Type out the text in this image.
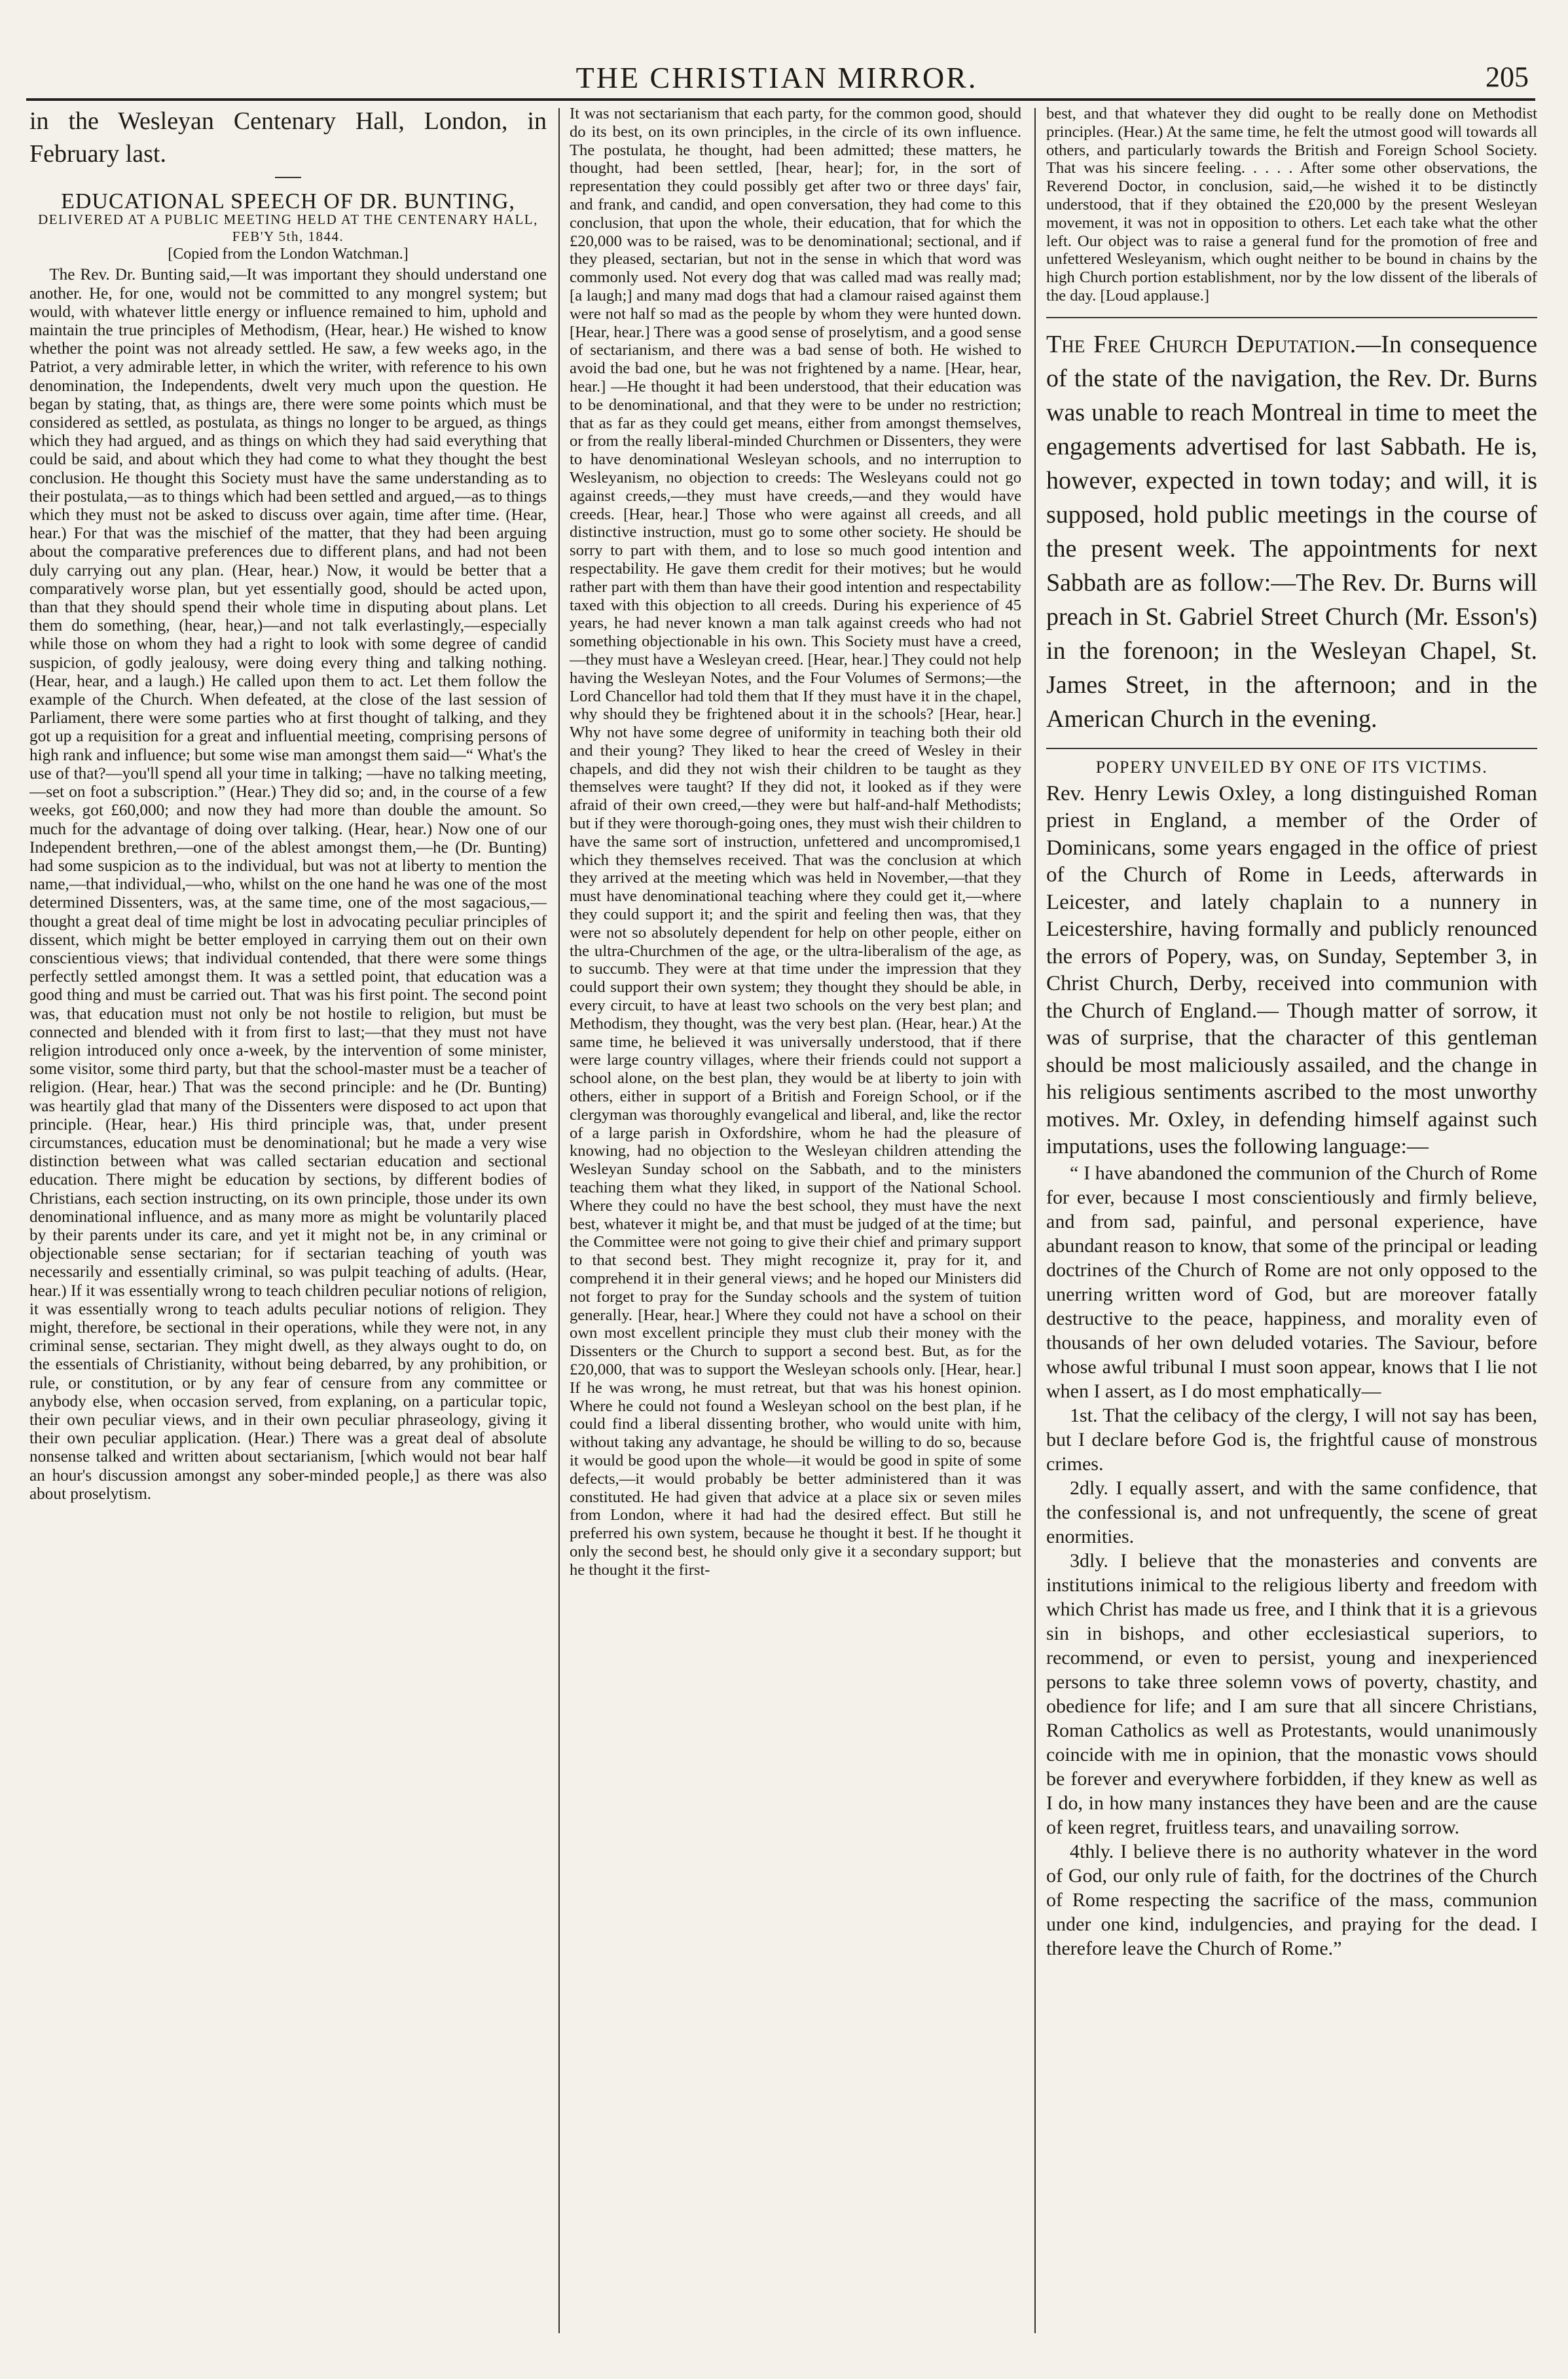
THE CHRISTIAN MIRROR.	205

in the Wesleyan Centenary Hall, London, in February last.

EDUCATIONAL SPEECH OF DR. BUNTING,

DELIVERED AT A PUBLIC MEETING HELD AT THE CENTENARY HALL, FEB'Y 5th, 1844.

[Copied from the London Watchman.]

The Rev. Dr. Bunting said,—It was important they should understand one another. He, for one, would not be committed to any mongrel system; but would, with whatever little energy or influence remained to him, uphold and maintain the true principles of Methodism, (Hear, hear.) He wished to know whether the point was not already settled. He saw, a few weeks ago, in the Patriot, a very admirable letter, in which the writer, with reference to his own denomination, the Independents, dwelt very much upon the question. He began by stating, that, as things are, there were some points which must be considered as settled, as postulata, as things no longer to be argued, as things which they had argued, and as things on which they had said everything that could be said, and about which they had come to what they thought the best conclusion. He thought this Society must have the same understanding as to their postulata,—as to things which had been settled and argued,—as to things which they must not be asked to discuss over again, time after time. (Hear, hear.) For that was the mischief of the matter, that they had been arguing about the comparative preferences due to different plans, and had not been duly carrying out any plan. (Hear, hear.) Now, it would be better that a comparatively worse plan, but yet essentially good, should be acted upon, than that they should spend their whole time in disputing about plans. Let them do something, (hear, hear,)—and not talk everlastingly,—especially while those on whom they had a right to look with some degree of candid suspicion, of godly jealousy, were doing every thing and talking nothing. (Hear, hear, and a laugh.) He called upon them to act. Let them follow the example of the Church. When defeated, at the close of the last session of Parliament, there were some parties who at first thought of talking, and they got up a requisition for a great and influential meeting, comprising persons of high rank and influence; but some wise man amongst them said—“ What's the use of that?—you'll spend all your time in talking; —have no talking meeting,—set on foot a subscription.” (Hear.) They did so; and, in the course of a few weeks, got £60,000; and now they had more than double the amount. So much for the advantage of doing over talking. (Hear, hear.) Now one of our Independent brethren,—one of the ablest amongst them,—he (Dr. Bunting) had some suspicion as to the individual, but was not at liberty to mention the name,—that individual,—who, whilst on the one hand he was one of the most determined Dissenters, was, at the same time, one of the most sagacious,—thought a great deal of time might be lost in advocating peculiar principles of dissent, which might be better employed in carrying them out on their own conscientious views; that individual contended, that there were some things perfectly settled amongst them. It was a settled point, that education was a good thing and must be carried out. That was his first point. The second point was, that education must not only be not hostile to religion, but must be connected and blended with it from first to last;—that they must not have religion introduced only once a-week, by the intervention of some minister, some visitor, some third party, but that the school-master must be a teacher of religion. (Hear, hear.) That was the second principle: and he (Dr. Bunting) was heartily glad that many of the Dissenters were disposed to act upon that principle. (Hear, hear.) His third principle was, that, under present circumstances, education must be denominational; but he made a very wise distinction between what was called sectarian education and sectional education. There might be education by sections, by different bodies of Christians, each section instructing, on its own principle, those under its own denominational influence, and as many more as might be voluntarily placed by their parents under its care, and yet it might not be, in any criminal or objectionable sense sectarian; for if sectarian teaching of youth was necessarily and essentially criminal, so was pulpit teaching of adults. (Hear, hear.) If it was essentially wrong to teach children peculiar notions of religion, it was essentially wrong to teach adults peculiar notions of religion. They might, therefore, be sectional in their operations, while they were not, in any criminal sense, sectarian. They might dwell, as they always ought to do, on the essentials of Christianity, without being debarred, by any prohibition, or rule, or constitution, or by any fear of censure from any committee or anybody else, when occasion served, from explaning, on a particular topic, their own peculiar views, and in their own peculiar phraseology, giving it their own peculiar application. (Hear.) There was a great deal of absolute nonsense talked and written about sectarianism, [which would not bear half an hour's discussion amongst any sober-minded people,] as there was also about proselytism.

It was not sectarianism that each party, for the common good, should do its best, on its own principles, in the circle of its own influence. The postulata, he thought, had been admitted; these matters, he thought, had been settled, [hear, hear]; for, in the sort of representation they could possibly get after two or three days' fair, and frank, and candid, and open conversation, they had come to this conclusion, that upon the whole, their education, that for which the £20,000 was to be raised, was to be denominational; sectional, and if they pleased, sectarian, but not in the sense in which that word was commonly used. Not every dog that was called mad was really mad; [a laugh;] and many mad dogs that had a clamour raised against them were not half so mad as the people by whom they were hunted down. [Hear, hear.] There was a good sense of proselytism, and a good sense of sectarianism, and there was a bad sense of both. He wished to avoid the bad one, but he was not frightened by a name. [Hear, hear, hear.] —He thought it had been understood, that their education was to be denominational, and that they were to be under no restriction; that as far as they could get means, either from amongst themselves, or from the really liberal-minded Churchmen or Dissenters, they were to have denominational Wesleyan schools, and no interruption to Wesleyanism, no objection to creeds: The Wesleyans could not go against creeds,—they must have creeds,—and they would have creeds. [Hear, hear.] Those who were against all creeds, and all distinctive instruction, must go to some other society. He should be sorry to part with them, and to lose so much good intention and respectability. He gave them credit for their motives; but he would rather part with them than have their good intention and respectability taxed with this objection to all creeds. During his experience of 45 years, he had never known a man talk against creeds who had not something objectionable in his own. This Society must have a creed,—they must have a Wesleyan creed. [Hear, hear.] They could not help having the Wesleyan Notes, and the Four Volumes of Sermons;—the Lord Chancellor had told them that If they must have it in the chapel, why should they be frightened about it in the schools? [Hear, hear.] Why not have some degree of uniformity in teaching both their old and their young? They liked to hear the creed of Wesley in their chapels, and did they not wish their children to be taught as they themselves were taught? If they did not, it looked as if they were afraid of their own creed,—they were but half-and-half Methodists; but if they were thorough-going ones, they must wish their children to have the same sort of instruction, unfettered and uncompromised,1 which they themselves received. That was the conclusion at which they arrived at the meeting which was held in November,—that they must have denominational teaching where they could get it,—where they could support it; and the spirit and feeling then was, that they were not so absolutely dependent for help on other people, either on the ultra-Churchmen of the age, or the ultra-liberalism of the age, as to succumb. They were at that time under the impression that they could support their own system; they thought they should be able, in every circuit, to have at least two schools on the very best plan; and Methodism, they thought, was the very best plan. (Hear, hear.) At the same time, he believed it was universally understood, that if there were large country villages, where their friends could not support a school alone, on the best plan, they would be at liberty to join with others, either in support of a British and Foreign School, or if the clergyman was thoroughly evangelical and liberal, and, like the rector of a large parish in Oxfordshire, whom he had the pleasure of knowing, had no objection to the Wesleyan children attending the Wesleyan Sunday school on the Sabbath, and to the ministers teaching them what they liked, in support of the National School. Where they could no have the best school, they must have the next best, whatever it might be, and that must be judged of at the time; but the Committee were not going to give their chief and primary support to that second best. They might recognize it, pray for it, and comprehend it in their general views; and he hoped our Ministers did not forget to pray for the Sunday schools and the system of tuition generally. [Hear, hear.] Where they could not have a school on their own most excellent principle they must club their money with the Dissenters or the Church to support a second best. But, as for the £20,000, that was to support the Wesleyan schools only. [Hear, hear.] If he was wrong, he must retreat, but that was his honest opinion. Where he could not found a Wesleyan school on the best plan, if he could find a liberal dissenting brother, who would unite with him, without taking any advantage, he should be willing to do so, because it would be good upon the whole—it would be good in spite of some defects,—it would probably be better administered than it was constituted. He had given that advice at a place six or seven miles from London, where it had had the desired effect. But still he preferred his own system, because he thought it best. If he thought it only the second best, he should only give it a secondary support; but he thought it the first-

best, and that whatever they did ought to be really done on Methodist principles. (Hear.) At the same time, he felt the utmost good will towards all others, and particularly towards the British and Foreign School Society. That was his sincere feeling. . . . . After some other observations, the Reverend Doctor, in conclusion, said,—he wished it to be distinctly understood, that if they obtained the £20,000 by the present Wesleyan movement, it was not in opposition to others. Let each take what the other left. Our object was to raise a general fund for the promotion of free and unfettered Wesleyanism, which ought neither to be bound in chains by the high Church portion establishment, nor by the low dissent of the liberals of the day. [Loud applause.]

The Free Church Deputation.—In consequence of the state of the navigation, the Rev. Dr. Burns was unable to reach Montreal in time to meet the engagements advertised for last Sabbath. He is, however, expected in town today; and will, it is supposed, hold public meetings in the course of the present week. The appointments for next Sabbath are as follow:—The Rev. Dr. Burns will preach in St. Gabriel Street Church (Mr. Esson's) in the forenoon; in the Wesleyan Chapel, St. James Street, in the afternoon; and in the American Church in the evening.

POPERY UNVEILED BY ONE OF ITS VICTIMS.

Rev. Henry Lewis Oxley, a long distinguished Roman priest in England, a member of the Order of Dominicans, some years engaged in the office of priest of the Church of Rome in Leeds, afterwards in Leicester, and lately chaplain to a nunnery in Leicestershire, having formally and publicly renounced the errors of Popery, was, on Sunday, September 3, in Christ Church, Derby, received into communion with the Church of England.— Though matter of sorrow, it was of surprise, that the character of this gentleman should be most maliciously assailed, and the change in his religious sentiments ascribed to the most unworthy motives. Mr. Oxley, in defending himself against such imputations, uses the following language:—

“ I have abandoned the communion of the Church of Rome for ever, because I most conscientiously and firmly believe, and from sad, painful, and personal experience, have abundant reason to know, that some of the principal or leading doctrines of the Church of Rome are not only opposed to the unerring written word of God, but are moreover fatally destructive to the peace, happiness, and morality even of thousands of her own deluded votaries. The Saviour, before whose awful tribunal I must soon appear, knows that I lie not when I assert, as I do most emphatically—

1st. That the celibacy of the clergy, I will not say has been, but I declare before God is, the frightful cause of monstrous crimes.

2dly. I equally assert, and with the same confidence, that the confessional is, and not unfrequently, the scene of great enormities.

3dly. I believe that the monasteries and convents are institutions inimical to the religious liberty and freedom with which Christ has made us free, and I think that it is a grievous sin in bishops, and other ecclesiastical superiors, to recommend, or even to persist, young and inexperienced persons to take three solemn vows of poverty, chastity, and obedience for life; and I am sure that all sincere Christians, Roman Catholics as well as Protestants, would unanimously coincide with me in opinion, that the monastic vows should be forever and everywhere forbidden, if they knew as well as I do, in how many instances they have been and are the cause of keen regret, fruitless tears, and unavailing sorrow.

4thly. I believe there is no authority whatever in the word of God, our only rule of faith, for the doctrines of the Church of Rome respecting the sacrifice of the mass, communion under one kind, indulgencies, and praying for the dead. I therefore leave the Church of Rome.”
